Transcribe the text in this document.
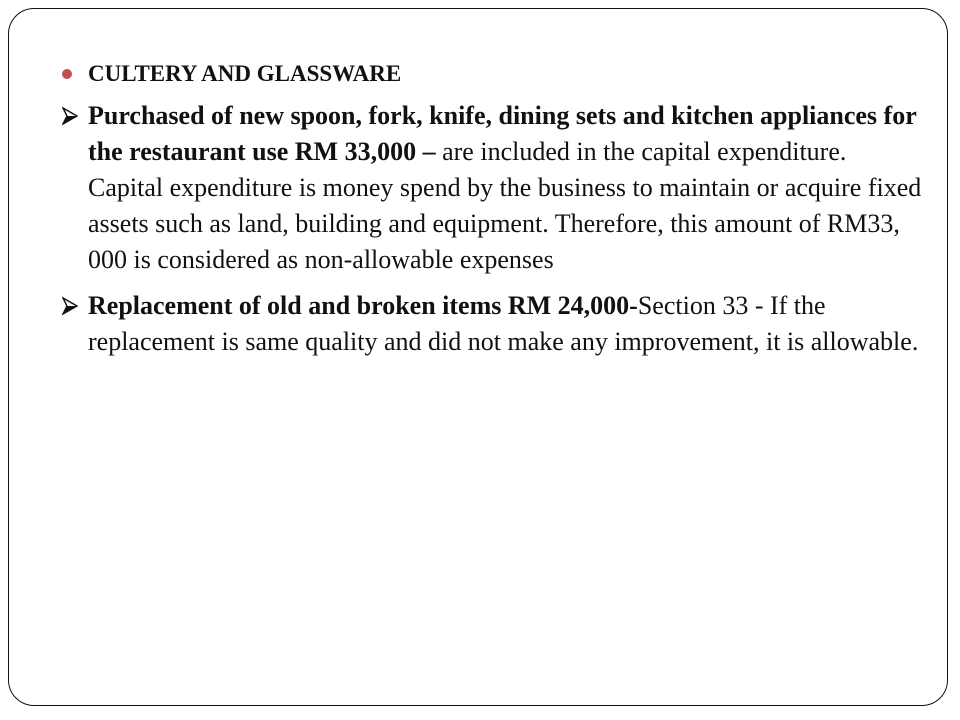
CULTERY AND GLASSWARE
Purchased of new spoon, fork, knife, dining sets and kitchen appliances for the restaurant use RM 33,000 – are included in the capital expenditure. Capital expenditure is money spend by the business to maintain or acquire fixed assets such as land, building and equipment. Therefore, this amount of RM33, 000 is considered as non-allowable expenses
Replacement of old and broken items RM 24,000-Section 33 - If the replacement is same quality and did not make any improvement, it is allowable.
